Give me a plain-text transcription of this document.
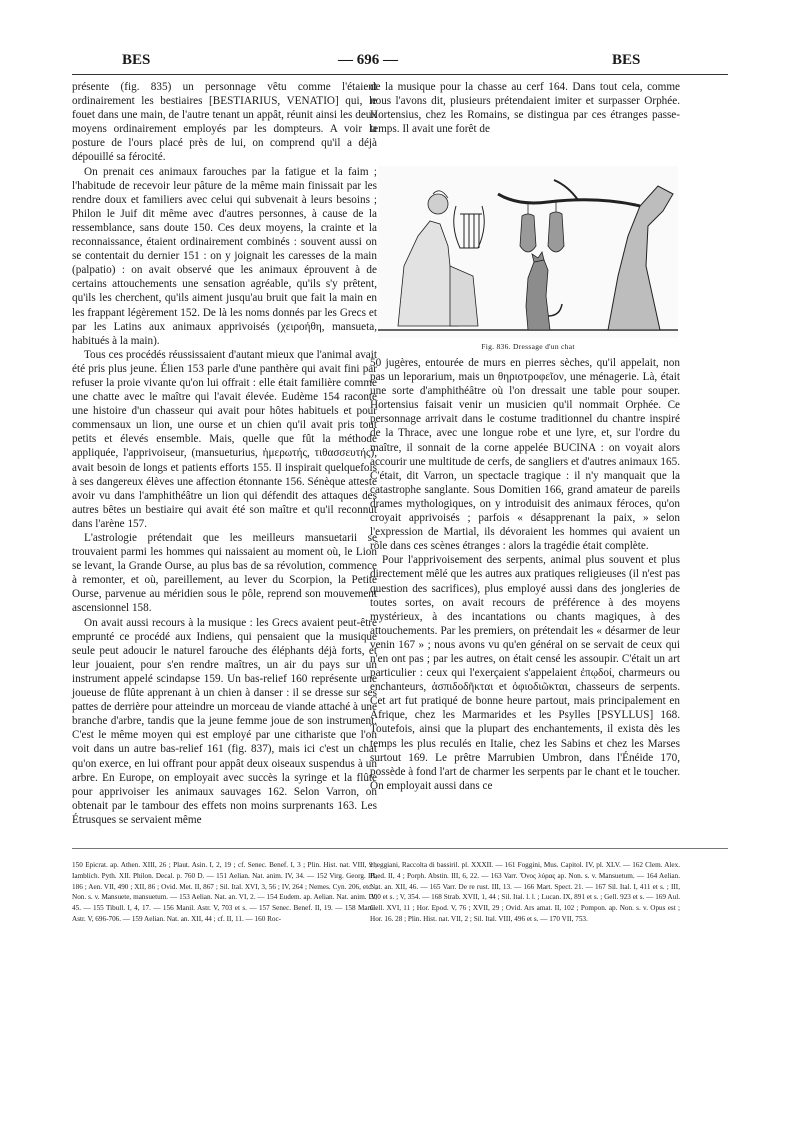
BES	— 696 —	BES

présente (fig. 835) un personnage vêtu comme l'étaient ordinairement les bestiaires [BESTIARIUS, VENATIO] qui, le fouet dans une main, de l'autre tenant un appât, réunit ainsi les deux moyens ordinairement employés par les dompteurs. A voir la posture de l'ours placé près de lui, on comprend qu'il a déjà dépouillé sa férocité.

On prenait ces animaux farouches par la fatigue et la faim ; l'habitude de recevoir leur pâture de la même main finissait par les rendre doux et familiers avec celui qui subvenait à leurs besoins ; Philon le Juif dit même avec d'autres personnes, à cause de la ressemblance, sans doute 150. Ces deux moyens, la crainte et la reconnaissance, étaient ordinairement combinés : souvent aussi on se contentait du dernier 151 : on y joignait les caresses de la main (palpatio) : on avait observé que les animaux éprouvent à de certains attouchements une sensation agréable, qu'ils s'y prêtent, qu'ils les cherchent, qu'ils aiment jusqu'au bruit que fait la main en les frappant légèrement 152. De là les noms donnés par les Grecs et par les Latins aux animaux apprivoisés (χειροήθη, mansueta, habitués à la main).

Tous ces procédés réussissaient d'autant mieux que l'animal avait été pris plus jeune. Élien 153 parle d'une panthère qui avait fini par refuser la proie vivante qu'on lui offrait : elle était familière comme une chatte avec le maître qui l'avait élevée. Eudème 154 raconte une histoire d'un chasseur qui avait pour hôtes habituels et pour commensaux un lion, une ourse et un chien qu'il avait pris tout petits et élevés ensemble. Mais, quelle que fût la méthode appliquée, l'apprivoiseur, (mansueturius, ἡμερωτής, τιθασσευτής), avait besoin de longs et patients efforts 155. Il inspirait quelquefois à ses dangereux élèves une affection étonnante 156. Sénèque atteste avoir vu dans l'amphithéâtre un lion qui défendit des attaques des autres bêtes un bestiaire qui avait été son maître et qu'il reconnut dans l'arène 157.

L'astrologie prétendait que les meilleurs mansuetarii se trouvaient parmi les hommes qui naissaient au moment où, le Lion se levant, la Grande Ourse, au plus bas de sa révolution, commence à remonter, et où, pareillement, au lever du Scorpion, la Petite Ourse, parvenue au méridien sous le pôle, reprend son mouvement ascensionnel 158.

On avait aussi recours à la musique : les Grecs avaient peut-être emprunté ce procédé aux Indiens, qui pensaient que la musique seule peut adoucir le naturel farouche des éléphants déjà forts, et leur jouaient, pour s'en rendre maîtres, un air du pays sur un instrument appelé scindapse 159. Un bas-relief 160 représente une joueuse de flûte apprenant à un chien à danser : il se dresse sur ses pattes de derrière pour atteindre un morceau de viande attaché à une branche d'arbre, tandis que la jeune femme joue de son instrument. C'est le même moyen qui est employé par une cithariste que l'on voit dans un autre bas-relief 161 (fig. 837), mais ici c'est un chat qu'on exerce, en lui offrant pour appât deux oiseaux suspendus à un arbre. En Europe, on employait avec succès la syringe et la flûte pour apprivoiser les animaux sauvages 162. Selon Varron, on obtenait par le tambour des effets non moins surprenants 163. Les Étrusques se servaient même

de la musique pour la chasse au cerf 164. Dans tout cela, comme nous l'avons dit, plusieurs prétendaient imiter et surpasser Orphée. Hortensius, chez les Romains, se distingua par ces étranges passe-temps. Il avait une forêt de

Fig. 836. Dressage d'un chat

50 jugères, entourée de murs en pierres sèches, qu'il appelait, non pas un leporarium, mais un θηριοτροφεῖον, une ménagerie. Là, était une sorte d'amphithéâtre où l'on dressait une table pour souper. Hortensius faisait venir un musicien qu'il nommait Orphée. Ce personnage arrivait dans le costume traditionnel du chantre inspiré de la Thrace, avec une longue robe et une lyre, et, sur l'ordre du maître, il sonnait de la corne appelée BUCINA : on voyait alors accourir une multitude de cerfs, de sangliers et d'autres animaux 165. C'était, dit Varron, un spectacle tragique : il n'y manquait que la catastrophe sanglante. Sous Domitien 166, grand amateur de pareils drames mythologiques, on y introduisit des animaux féroces, qu'on croyait apprivoisés ; parfois « désapprenant la paix, » selon l'expression de Martial, ils dévoraient les hommes qui avaient un rôle dans ces scènes étranges : alors la tragédie était complète.

Pour l'apprivoisement des serpents, animal plus souvent et plus directement mêlé que les autres aux pratiques religieuses (il n'est pas question des sacrifices), plus employé aussi dans des jongleries de toutes sortes, on avait recours de préférence à des moyens mystérieux, à des incantations ou chants magiques, à des attouchements. Par les premiers, on prétendait les « désarmer de leur venin 167 » ; nous avons vu qu'en général on se servait de ceux qui n'en ont pas ; par les autres, on était censé les assoupir. C'était un art particulier : ceux qui l'exerçaient s'appelaient ἐπῳδοί, charmeurs ou enchanteurs, ἀσπιδοδῆκται et ὀφιοδιῶκται, chasseurs de serpents. Cet art fut pratiqué de bonne heure partout, mais principalement en Afrique, chez les Marmarides et les Psylles [PSYLLUS] 168. Toutefois, ainsi que la plupart des enchantements, il exista dès les temps les plus reculés en Italie, chez les Sabins et chez les Marses surtout 169. Le prêtre Marrubien Umbron, dans l'Énéide 170, possède à fond l'art de charmer les serpents par le chant et le toucher. On employait aussi dans ce

150 Epicrat. ap. Athen. XIII, 26 ; Plaut. Asin. I, 2, 19 ; cf. Senec. Benef. I, 3 ; Plin. Hist. nat. VIII, 9 ; Iamblich. Pyth. XII. Philon. Decal. p. 760 D. — 151 Aelian. Nat. anim. IV, 34. — 152 Virg. Georg. III, 186 ; Aen. VII, 490 ; XII, 86 ; Ovid. Met. II, 867 ; Sil. Ital. XVI, 3, 56 ; IV, 264 ; Nemes. Cyn. 206, etc. ; Non. s. v. Mansuete, mansuetum. — 153 Aelian. Nat. an. VI, 2. — 154 Eudem. ap. Aelian. Nat. anim. IV, 45. — 155 Tibull. I, 4, 17. — 156 Manil. Astr. V, 703 et s. — 157 Senec. Benef. II, 19. — 158 Manil. Astr. V, 696-706. — 159 Aelian. Nat. an. XII, 44 ; cf. II, 11. — 160 Roc-
cheggiani, Raccolta di bassiril. pl. XXXII. — 161 Foggini, Mus. Capitol. IV, pl. XLV. — 162 Clem. Alex. Paed. II, 4 ; Porph. Abstin. III, 6, 22. — 163 Varr. Ὄνος λύρας ap. Non. s. v. Mansuetum. — 164 Aelian. Nat. an. XII, 46. — 165 Varr. De re rust. III, 13. — 166 Mart. Spect. 21. — 167 Sil. Ital. I, 411 et s. ; III, 300 et s. ; V, 354. — 168 Strab. XVII, 1, 44 ; Sil. Ital. l. l. ; Lucan. IX, 891 et s. ; Gell. 923 et s. — 169 Aul. Gell. XVI, 11 ; Hor. Epod. V, 76 ; XVII, 29 ; Ovid. Ars amat. II, 102 ; Pompon. ap. Non. s. v. Opus est ; Hor. 16. 28 ; Plin. Hist. nat. VII, 2 ; Sil. Ital. VIII, 496 et s. — 170 VII, 753.
